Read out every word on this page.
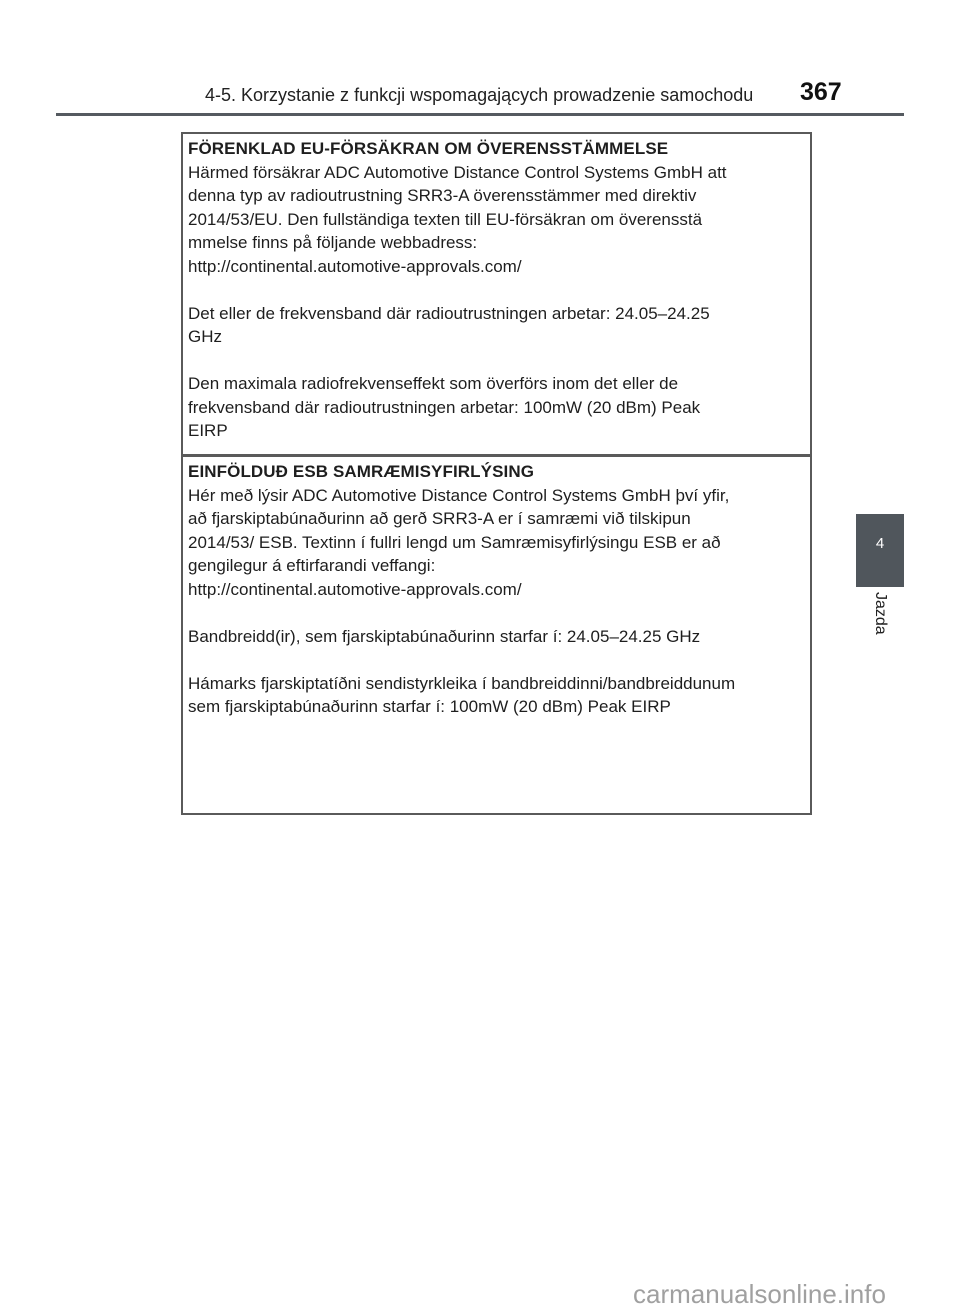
4-5. Korzystanie z funkcji wspomagających prowadzenie samochodu 367
4
Jazda
FÖRENKLAD EU-FÖRSÄKRAN OM ÖVERENSSTÄMMELSE

Härmed försäkrar ADC Automotive Distance Control Systems GmbH att
denna typ av radioutrustning SRR3-A överensstämmer med direktiv
2014/53/EU. Den fullständiga texten till EU-försäkran om överensstä
mmelse finns på följande webbadress:
http://continental.automotive-approvals.com/

Det eller de frekvensband där radioutrustningen arbetar: 24.05–24.25
GHz

Den maximala radiofrekvenseffekt som överförs inom det eller de
frekvensband där radioutrustningen arbetar: 100mW (20 dBm) Peak
EIRP

EINFÖLDUÐ ESB SAMRÆMISYFIRLÝSING

Hér með lýsir ADC Automotive Distance Control Systems GmbH því yfir,
að fjarskiptabúnaðurinn að gerð SRR3-A er í samræmi við tilskipun
2014/53/ ESB. Textinn í fullri lengd um Samræmisyfirlýsingu ESB er að
gengilegur á eftirfarandi veffangi:
http://continental.automotive-approvals.com/

Bandbreidd(ir), sem fjarskiptabúnaðurinn starfar í: 24.05–24.25 GHz

Hámarks fjarskiptatíðni sendistyrkleika í bandbreiddinni/bandbreiddunum
sem fjarskiptabúnaðurinn starfar í: 100mW (20 dBm) Peak EIRP

carmanualsonline.info
